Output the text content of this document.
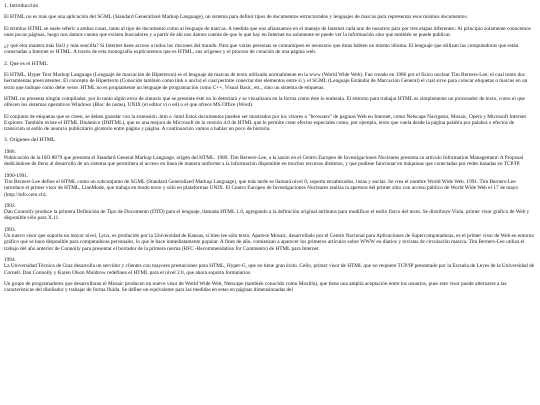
1. Introducción

El HTML no es más que una aplicación del SGML (Standard Generalized Markup Language), un sistema para definir tipos de documentos estructurados y lenguajes de marcas para representar esos mismos documentos.

El término HTML se suele referir a ambas cosas, tanto al tipo de documento como al lenguaje de marcas. A medida que nos afianzamos en el manejo de Internet cada uno de nosotros para por tres etapas diferentes: Al principio solamente conocemos unas pocas páginas, luego nos damos cuenta que existen buscadores y a partir de ahí nos damos cuenta de que lo que hay en Internet no solamente se puede ver la información sino que también se puede publicar.

¿y qué otra manera más fácil y más sencilla? Si Internet tiene acceso a todos los rincones del mundo. Para que varias personas se comuniquen es necesario que éstas hablen un mismo idioma. El lenguaje que utilizan las computadoras que están conectadas a Internet es HTML. A través de esta monografía explicaremos que es HTML, sus orígenes y el proceso de creación de una página web.

2. Que es el HTML

El HTML, Hyper Text Markup Language (Lenguaje de marcación de Hipertexto) es el lenguaje de marcas de texto utilizado normalmente en la www (World Wide Web). Fue creado en 1986 por el físico nuclear Tim Berners-Lee; el cual tomo dos herramientas preexistentes: El concepto de Hipertexto (Conocido también como link o ancla) el cual permite conectar dos elementos entre si y el SGML (Lenguaje Estándar de Marcación General) el cual sirve para colocar etiquetas o marcas en un texto que indique como debe verse. HTML no es propiamente un lenguaje de programación como C++, Visual Basic, etc., sino un sistema de etiquetas.

HTML no presenta ningún compilador, por lo tanto algún error de sintaxis que se presente éste no lo detectará y se visualizara en la forma como éste lo entienda. El entorno para trabajar HTML es simplemente un procesador de texto, como el que ofrecen los sistemas operativos Windows (Bloc de notas), UNIX (el editor vi o ed) o el que ofrece MS Office (Word).

El conjunto de etiquetas que se creen, se deben guardar con la extensión .htm o .html Estos documentos pueden ser mostrados por los visores o "browsers" de paginas Web en Internet, como Netscape Navigator, Mosaic, Opera y Microsoft Internet Explorer. También existe el HTML Dinámico (DHTML), que es una mejora de Microsoft de la versión 4.0 de HTML que le permite crear efectos especiales como, por ejemplo, texto que vuela desde la página palabra por palabra o efectos de transición al estilo de anuncio publicitario giratorio entre página y página. A continuación vamos a hablar un poco de historia.

3. Orígenes del HTML

1986.
Publicación de la ISO 8879 que presenta el Standard General Markup Language, origen del HTML. 1989. Tim Berners-Lee, a la sazón en el Centro Europeo de Investigaciones Nucleares presenta su artículo Information Management: A Proposal dedicándose de lleno al desarrollo de un sistema que permitiera el acceso en línea de manera uniforme a la información disponible en muchos recursos distintos, y que pudiese funcionar en máquinas que conectadas por redes basadas en TCP/IP.

1990-1991.
Tim Berners-Lee define el HTML como un subconjunto de SGML (Standard Generalized Markup Language), que más tarde se llamará nivel 0; soporta encabezados, listas y anclas. Se crea el nombre World Wide Web. 1991. Tim Berners-Lee introduce el primer visor de HTML, LineMode, que trabaja en modo texto y sólo en plataformas UNIX. El Centro Europeo de Investigaciones Nucleares realiza la apertura del primer sitio con acceso público de World Wide Web el 17 de mayo (http://info.cern.ch).

1992.
Dan Connolly produce la primera Definición de Tipo de Documento (DTD) para el lenguaje, llamada HTML 1.0, agregando a la definición original atributos para modificar el estilo físico del texto. Se distribuye Viola, primer visor gráfico de Web y disponible sólo para X.11.

1993.
Un nuevo visor que soporta un mayor nivel, Lynx, es producido por la Universidad de Kansas, si bien lee sólo texto. Aparece Mosaic, desarrollado por el Centro Nacional para Aplicaciones de Supercomputadoras, es el primer visor de Web en entorno gráfico que se hace disponible para computadoras personales, lo que le hace inmediatamente popular. A fines de año, comienzan a aparecer los primeros artículos sobre WWW en diarios y revistas de circulación masiva. Tim Berners-Lee utiliza el trabajo del año anterior de Connolly para presentar el borrador de la primera norma (RFC -Recommendation for Comments) de HTML para Internet.

1994.
La Universidad Técnica de Graz desarrolla un servidor y clientes con mayores prestaciones para HTML, Hyper-G, que no tiene gran éxito. Cello, primer visor de HTML que no requiere TCP/IP presentado por la Escuela de Leyes de la Universidad de Cornell. Dan Connolly y Karen Olson Muldrow redefinen el HTML para el nivel 2.0, que ahora soporta formularios.

Un grupo de programadores que desarrollaran el Mosaic producen un nuevo visor de World Wide Web, Netscape (también conocido como Mozilla), que tiene una amplia aceptación entre los usuarios, pues este visor puede alternarse a las características del diseñador y trabajar de forma fluida. Se define un equivalente para las medidas en estas en páginas dimensionadas del
